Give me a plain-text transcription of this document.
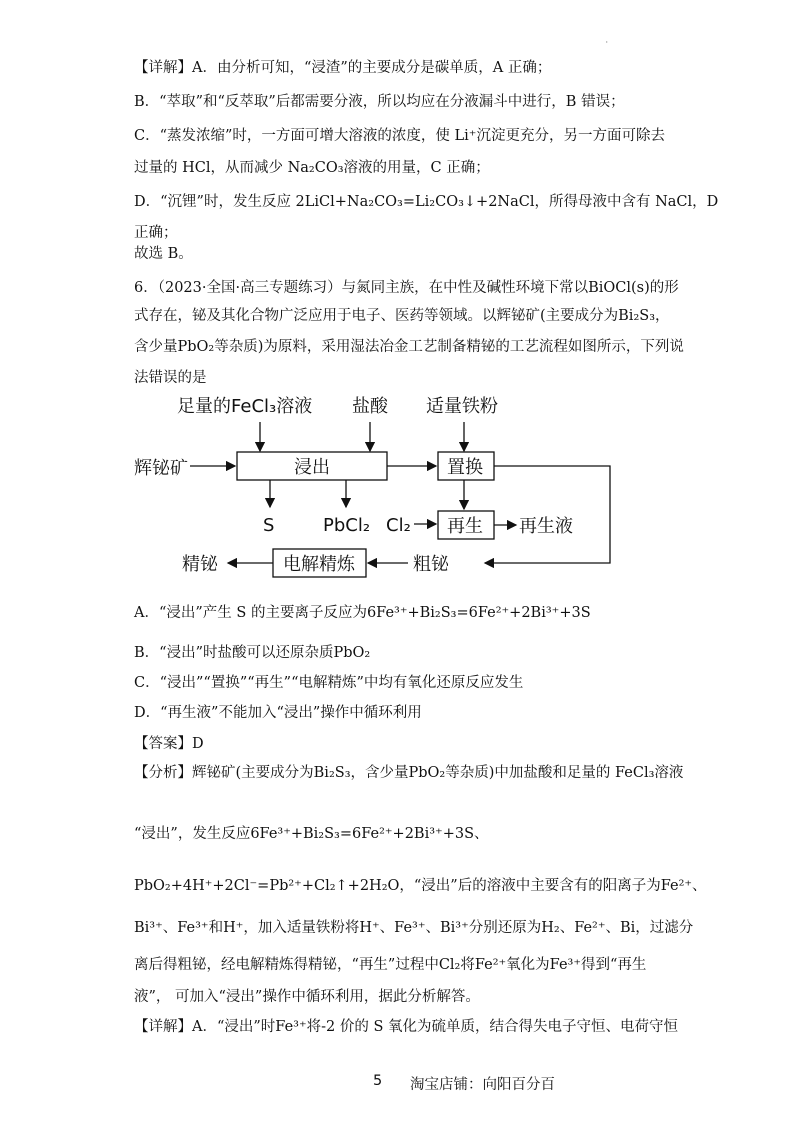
·
【详解】A．由分析可知，“浸渣”的主要成分是碳单质，A 正确；
B．“萃取”和“反萃取”后都需要分液，所以均应在分液漏斗中进行，B 错误；
C．“蒸发浓缩”时，一方面可增大溶液的浓度，使 Li⁺沉淀更充分，另一方面可除去
过量的 HCl，从而减少 Na₂CO₃溶液的用量，C 正确；
D．“沉锂”时，发生反应 2LiCl+Na₂CO₃=Li₂CO₃↓+2NaCl，所得母液中含有 NaCl，D
正确；
故选 B。
6．（2023·全国·高三专题练习）与氮同主族，在中性及碱性环境下常以BiOCl(s)的形
式存在，铋及其化合物广泛应用于电子、医药等领域。以辉铋矿(主要成分为Bi₂S₃，
含少量PbO₂等杂质)为原料，采用湿法冶金工艺制备精铋的工艺流程如图所示，下列说
法错误的是
足量的FeCl₃溶液 盐酸 适量铁粉
辉铋矿	浸出	置换
S	PbCl₂ Cl₂ 再生 再生液
粗铋
电解精炼
精铋
A．“浸出”产生 S 的主要离子反应为6Fe³⁺+Bi₂S₃=6Fe²⁺+2Bi³⁺+3S
B．“浸出”时盐酸可以还原杂质PbO₂
C．“浸出”“置换”“再生”“电解精炼”中均有氧化还原反应发生
D．“再生液”不能加入“浸出”操作中循环利用
【答案】D
【分析】辉铋矿(主要成分为Bi₂S₃，含少量PbO₂等杂质)中加盐酸和足量的 FeCl₃溶液
“浸出”，发生反应6Fe³⁺+Bi₂S₃=6Fe²⁺+2Bi³⁺+3S、
PbO₂+4H⁺+2Cl⁻=Pb²⁺+Cl₂↑+2H₂O，“浸出”后的溶液中主要含有的阳离子为Fe²⁺、
Bi³⁺、Fe³⁺和H⁺，加入适量铁粉将H⁺、Fe³⁺、Bi³⁺分别还原为H₂、Fe²⁺、Bi，过滤分
离后得粗铋，经电解精炼得精铋，“再生”过程中Cl₂将Fe²⁺氧化为Fe³⁺得到“再生
液”， 可加入“浸出”操作中循环利用，据此分析解答。
【详解】A．“浸出”时Fe³⁺将-2 价的 S 氧化为硫单质，结合得失电子守恒、电荷守恒
5 淘宝店铺：向阳百分百
